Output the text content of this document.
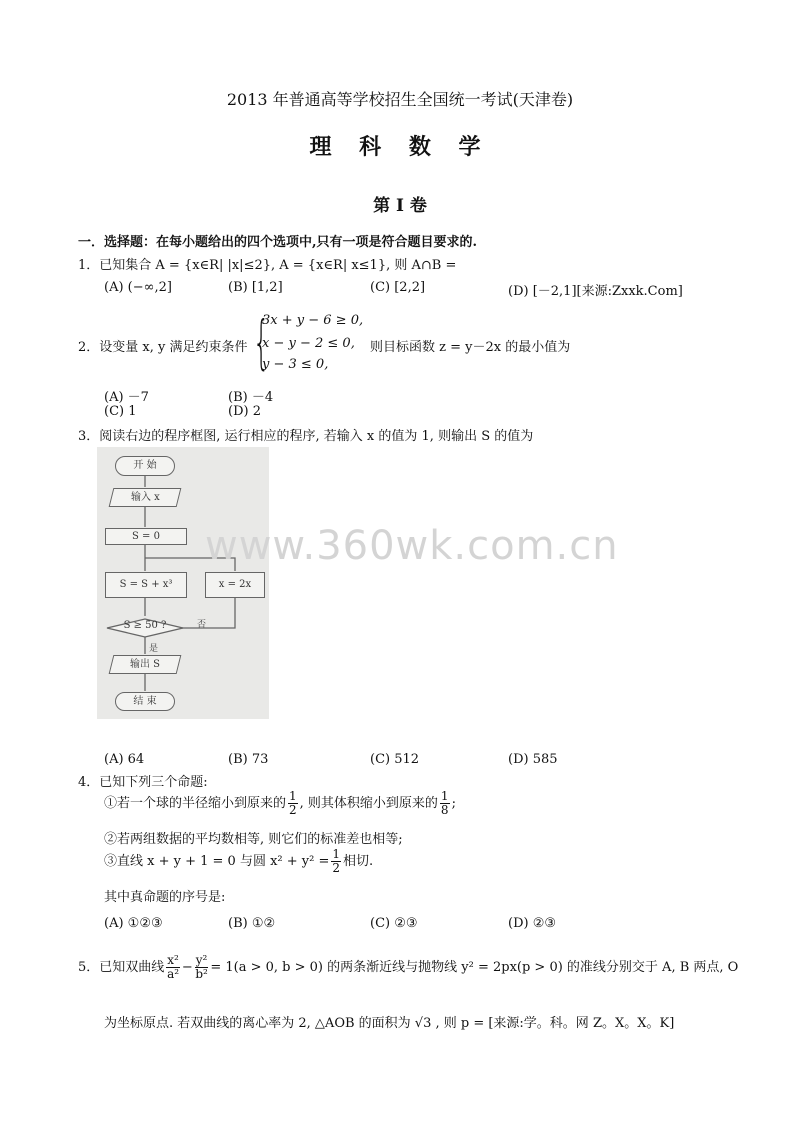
2013 年普通高等学校招生全国统一考试(天津卷)
理 科 数 学
第 I 卷
一．选择题：在每小题给出的四个选项中,只有一项是符合题目要求的.
1．已知集合 A = {x∈R| |x|≤2}, A = {x∈R| x≤1}, 则 A∩B =
(A) (−∞,2]	(B) [1,2]	(C) [2,2]	(D) [－2,1][来源:Zxxk.Com]
2．设变量 x, y 满足约束条件 {
3x + y − 6 ≥ 0,
x − y − 2 ≤ 0,
y − 3 ≤ 0,
则目标函数 z = y－2x 的最小值为
(A) －7	(B) －4
(C) 1	(D) 2
3．阅读右边的程序框图, 运行相应的程序, 若输入 x 的值为 1, 则输出 S 的值为
开 始
输入 x
S = 0
S = S + x³	x = 2x
S ≥ 50 ?	否
是
输出 S
结 束
www.360wk.com.cn
(A) 64	(B) 73	(C) 512	(D) 585
4．已知下列三个命题:
①若一个球的半径缩小到原来的 $\frac{1}{2}$ , 则其体积缩小到原来的 $\frac{1}{8}$ ;
②若两组数据的平均数相等, 则它们的标准差也相等;
③直线 x + y + 1 = 0 与圆 $x^2 + y^2 = \frac{1}{2}$ 相切.
其中真命题的序号是:
(A) ①②③	(B) ①②	(C) ②③	(D) ②③
5．已知双曲线 $\frac{\text{x²}}{\text{a²}} - \frac{\text{y²}}{\text{b²}} = 1(a > 0$, b > 0) 的两条渐近线与抛物线 y² = 2px(p > 0) 的准线分别交于 A, B 两点, O
为坐标原点. 若双曲线的离心率为 2, △AOB 的面积为 √3 , 则 p = [来源:学。科。网 Z。X。X。K]
